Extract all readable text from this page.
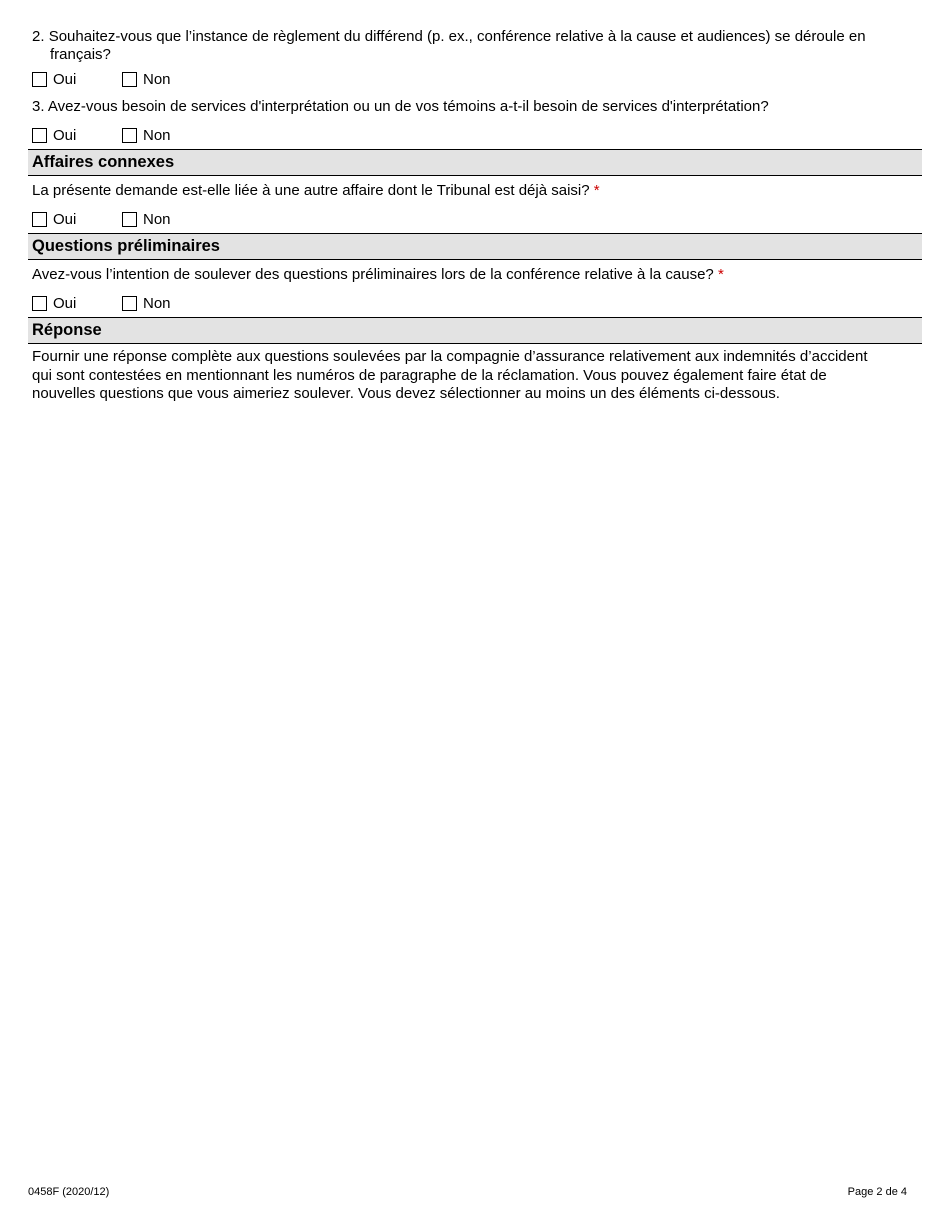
2. Souhaitez-vous que l’instance de règlement du différend (p. ex., conférence relative à la cause et audiences) se déroule en
français?
Oui	Non
3. Avez-vous besoin de services d'interprétation ou un de vos témoins a-t-il besoin de services d'interprétation?
Oui	Non
Affaires connexes
La présente demande est-elle liée à une autre affaire dont le Tribunal est déjà saisi? *
Oui	Non
Questions préliminaires
Avez-vous l’intention de soulever des questions préliminaires lors de la conférence relative à la cause? *
Oui	Non
Réponse
Fournir une réponse complète aux questions soulevées par la compagnie d’assurance relativement aux indemnités d’accident
qui sont contestées en mentionnant les numéros de paragraphe de la réclamation. Vous pouvez également faire état de
nouvelles questions que vous aimeriez soulever. Vous devez sélectionner au moins un des éléments ci-dessous.
0458F (2020/12)	Page 2 de 4
